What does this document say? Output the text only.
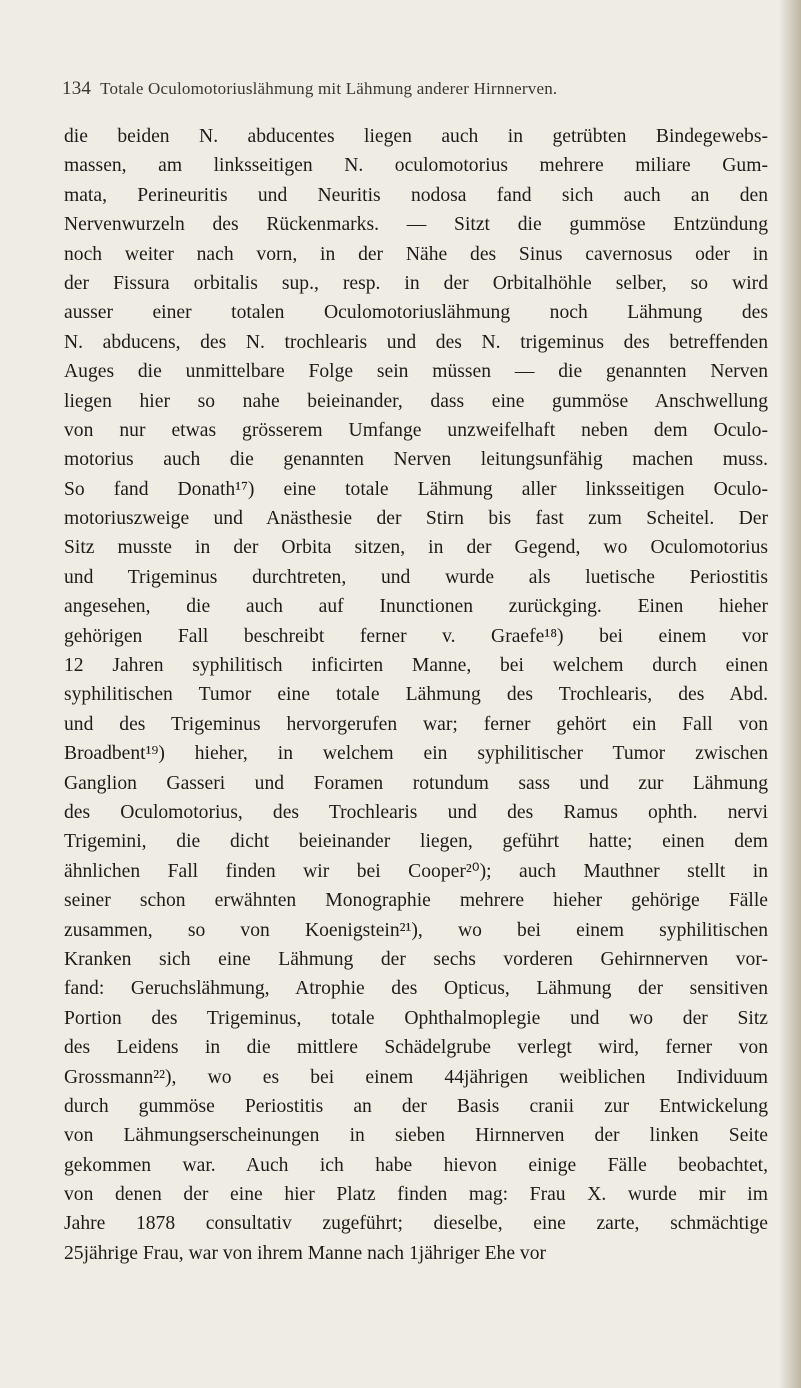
134 Totale Oculomotoriuslähmung mit Lähmung anderer Hirnnerven.
die beiden N. abducentes liegen auch in getrübten Bindegewebs-
massen, am linksseitigen N. oculomotorius mehrere miliare Gum-
mata, Perineuritis und Neuritis nodosa fand sich auch an den
Nervenwurzeln des Rückenmarks. — Sitzt die gummöse Entzündung
noch weiter nach vorn, in der Nähe des Sinus cavernosus oder in
der Fissura orbitalis sup., resp. in der Orbitalhöhle selber, so wird
ausser einer totalen Oculomotoriuslähmung noch Lähmung des
N. abducens, des N. trochlearis und des N. trigeminus des betreffenden
Auges die unmittelbare Folge sein müssen — die genannten Nerven
liegen hier so nahe beieinander, dass eine gummöse Anschwellung
von nur etwas grösserem Umfange unzweifelhaft neben dem Oculo-
motorius auch die genannten Nerven leitungsunfähig machen muss.
So fand Donath¹⁷) eine totale Lähmung aller linksseitigen Oculo-
motoriuszweige und Anästhesie der Stirn bis fast zum Scheitel. Der
Sitz musste in der Orbita sitzen, in der Gegend, wo Oculomotorius
und Trigeminus durchtreten, und wurde als luetische Periostitis
angesehen, die auch auf Inunctionen zurückging. Einen hieher
gehörigen Fall beschreibt ferner v. Graefe¹⁸) bei einem vor
12 Jahren syphilitisch inficirten Manne, bei welchem durch einen
syphilitischen Tumor eine totale Lähmung des Trochlearis, des Abd.
und des Trigeminus hervorgerufen war; ferner gehört ein Fall von
Broadbent¹⁹) hieher, in welchem ein syphilitischer Tumor zwischen
Ganglion Gasseri und Foramen rotundum sass und zur Lähmung
des Oculomotorius, des Trochlearis und des Ramus ophth. nervi
Trigemini, die dicht beieinander liegen, geführt hatte; einen dem
ähnlichen Fall finden wir bei Cooper²⁰); auch Mauthner stellt in
seiner schon erwähnten Monographie mehrere hieher gehörige Fälle
zusammen, so von Koenigstein²¹), wo bei einem syphilitischen
Kranken sich eine Lähmung der sechs vorderen Gehirnnerven vor-
fand: Geruchslähmung, Atrophie des Opticus, Lähmung der sensitiven
Portion des Trigeminus, totale Ophthalmoplegie und wo der Sitz
des Leidens in die mittlere Schädelgrube verlegt wird, ferner von
Grossmann²²), wo es bei einem 44jährigen weiblichen Individuum
durch gummöse Periostitis an der Basis cranii zur Entwickelung
von Lähmungserscheinungen in sieben Hirnnerven der linken Seite
gekommen war. Auch ich habe hievon einige Fälle beobachtet,
von denen der eine hier Platz finden mag: Frau X. wurde mir im
Jahre 1878 consultativ zugeführt; dieselbe, eine zarte, schmächtige
25jährige Frau, war von ihrem Manne nach 1jähriger Ehe vor
